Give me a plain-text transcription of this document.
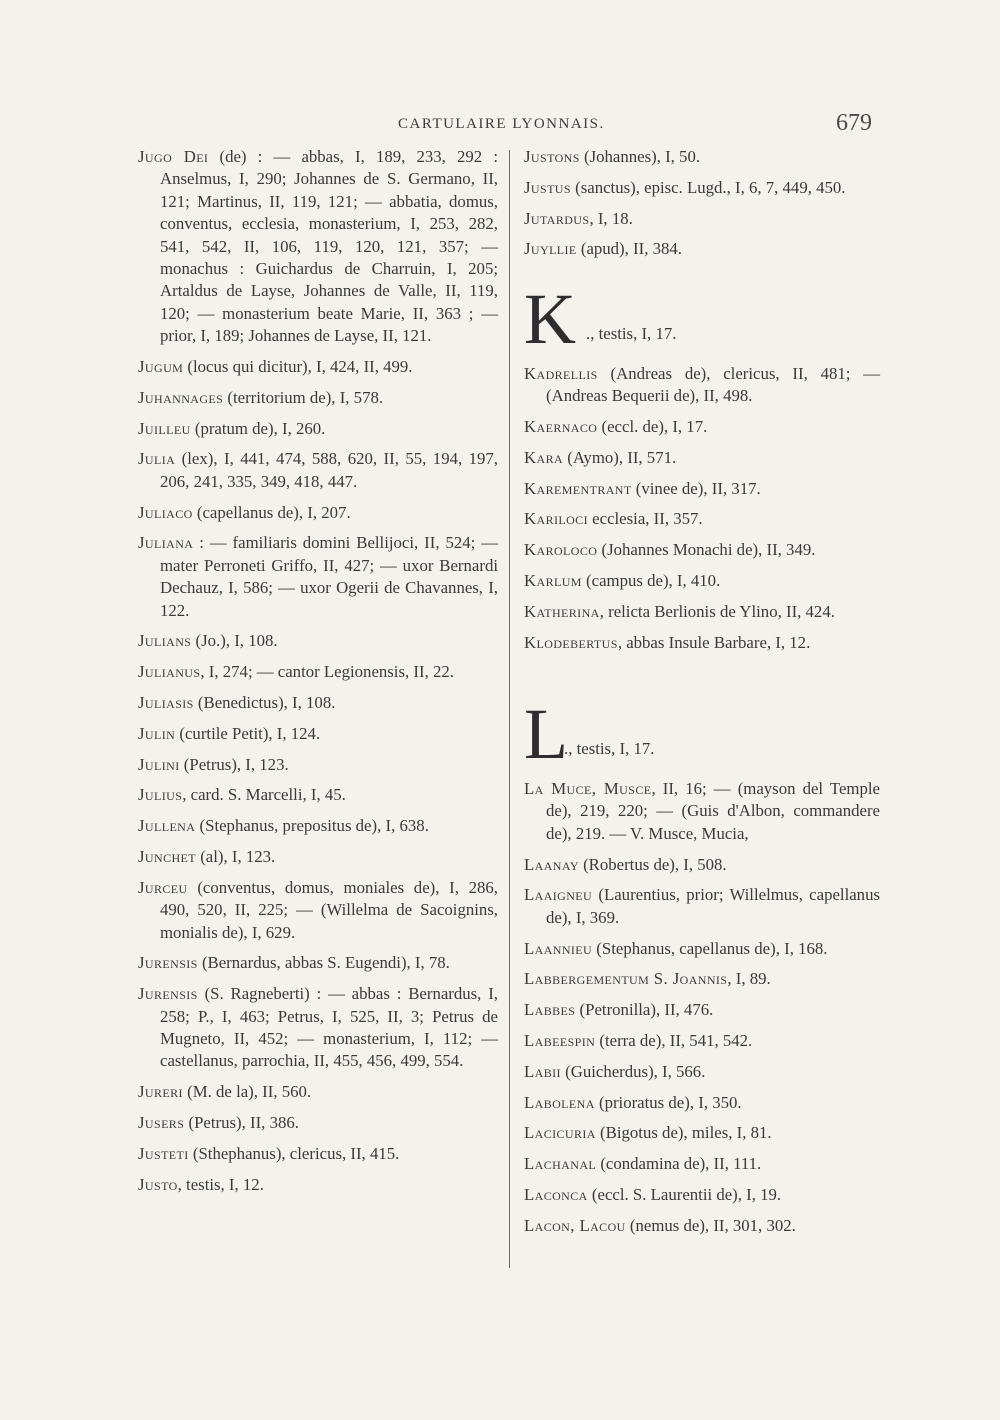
CARTULAIRE LYONNAIS.	679

Jugo Dei (de) : — abbas, I, 189, 233, 292 : Anselmus, I, 290; Johannes de S. Germano, II, 121; Martinus, II, 119, 121; — abbatia, domus, conventus, ecclesia, monasterium, I, 253, 282, 541, 542, II, 106, 119, 120, 121, 357; — monachus : Guichardus de Charruin, I, 205; Artaldus de Layse, Johannes de Valle, II, 119, 120; — monasterium beate Marie, II, 363 ; — prior, I, 189; Johannes de Layse, II, 121.

Jugum (locus qui dicitur), I, 424, II, 499.

Juhannages (territorium de), I, 578.

Juilleu (pratum de), I, 260.

Julia (lex), I, 441, 474, 588, 620, II, 55, 194, 197, 206, 241, 335, 349, 418, 447.

Juliaco (capellanus de), I, 207.

Juliana : — familiaris domini Bellijoci, II, 524; — mater Perroneti Griffo, II, 427; — uxor Bernardi Dechauz, I, 586; — uxor Ogerii de Chavannes, I, 122.

Julians (Jo.), I, 108.

Julianus, I, 274; — cantor Legionensis, II, 22.

Juliasis (Benedictus), I, 108.

Julin (curtile Petit), I, 124.

Julini (Petrus), I, 123.

Julius, card. S. Marcelli, I, 45.

Jullena (Stephanus, prepositus de), I, 638.

Junchet (al), I, 123.

Jurceu (conventus, domus, moniales de), I, 286, 490, 520, II, 225; — (Willelma de Sacoignins, monialis de), I, 629.

Jurensis (Bernardus, abbas S. Eugendi), I, 78.

Jurensis (S. Ragneberti) : — abbas : Bernardus, I, 258; P., I, 463; Petrus, I, 525, II, 3; Petrus de Mugneto, II, 452; — monasterium, I, 112; — castellanus, parrochia, II, 455, 456, 499, 554.

Jureri (M. de la), II, 560.

Jusers (Petrus), II, 386.

Justeti (Sthephanus), clericus, II, 415.

Justo, testis, I, 12.

Justons (Johannes), I, 50.

Justus (sanctus), episc. Lugd., I, 6, 7, 449, 450.

Jutardus, I, 18.

Juyllie (apud), II, 384.

K ., testis, I, 17.

Kadrellis (Andreas de), clericus, II, 481; — (Andreas Bequerii de), II, 498.

Kaernaco (eccl. de), I, 17.

Kara (Aymo), II, 571.

Karementrant (vinee de), II, 317.

Kariloci ecclesia, II, 357.

Karoloco (Johannes Monachi de), II, 349.

Karlum (campus de), I, 410.

Katherina, relicta Berlionis de Ylino, II, 424.

Klodebertus, abbas Insule Barbare, I, 12.

L
., testis, I, 17.

La Muce, Musce, II, 16; — (mayson del Temple de), 219, 220; — (Guis d'Albon, commandere de), 219. — V. Musce, Mucia,

Laanay (Robertus de), I, 508.

Laaigneu (Laurentius, prior; Willelmus, capellanus de), I, 369.

Laannieu (Stephanus, capellanus de), I, 168.

Labbergementum S. Joannis, I, 89.

Labbes (Petronilla), II, 476.

Labeespin (terra de), II, 541, 542.

Labii (Guicherdus), I, 566.

Labolena (prioratus de), I, 350.

Lacicuria (Bigotus de), miles, I, 81.

Lachanal (condamina de), II, 111.

Laconca (eccl. S. Laurentii de), I, 19.

Lacon, Lacou (nemus de), II, 301, 302.
